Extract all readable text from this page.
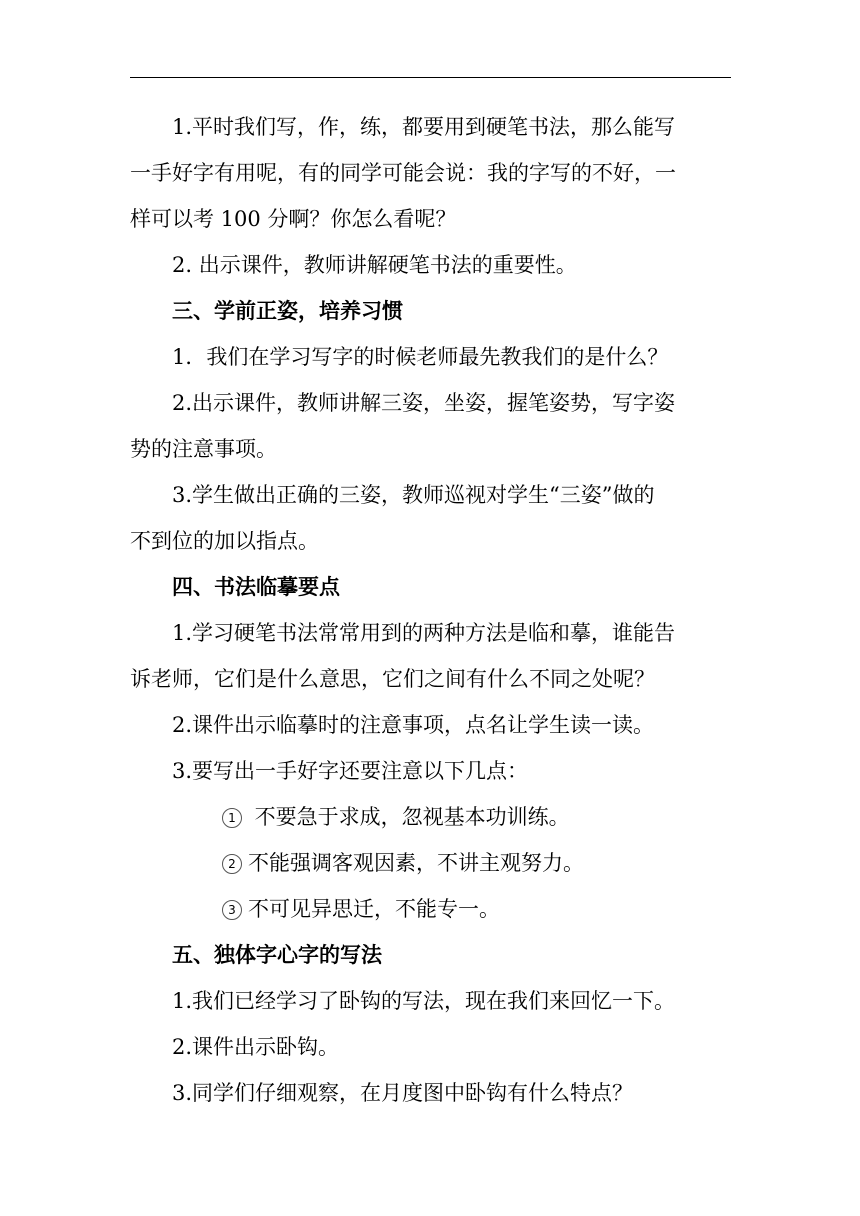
1.平时我们写，作，练，都要用到硬笔书法，那么能写

一手好字有用呢，有的同学可能会说：我的字写的不好，一

样可以考 100 分啊？你怎么看呢？

2. 出示课件，教师讲解硬笔书法的重要性。

三、学前正姿，培养习惯

1．我们在学习写字的时候老师最先教我们的是什么？

2.出示课件，教师讲解三姿，坐姿，握笔姿势，写字姿

势的注意事项。

3.学生做出正确的三姿，教师巡视对学生“三姿”做的

不到位的加以指点。

四、书法临摹要点

1.学习硬笔书法常常用到的两种方法是临和摹，谁能告

诉老师，它们是什么意思，它们之间有什么不同之处呢？

2.课件出示临摹时的注意事项，点名让学生读一读。

3.要写出一手好字还要注意以下几点：

1 不要急于求成，忽视基本功训练。

2 不能强调客观因素，不讲主观努力。

3 不可见异思迁，不能专一。

五、独体字心字的写法

1.我们已经学习了卧钩的写法，现在我们来回忆一下。

2.课件出示卧钩。

3.同学们仔细观察，在月度图中卧钩有什么特点？
